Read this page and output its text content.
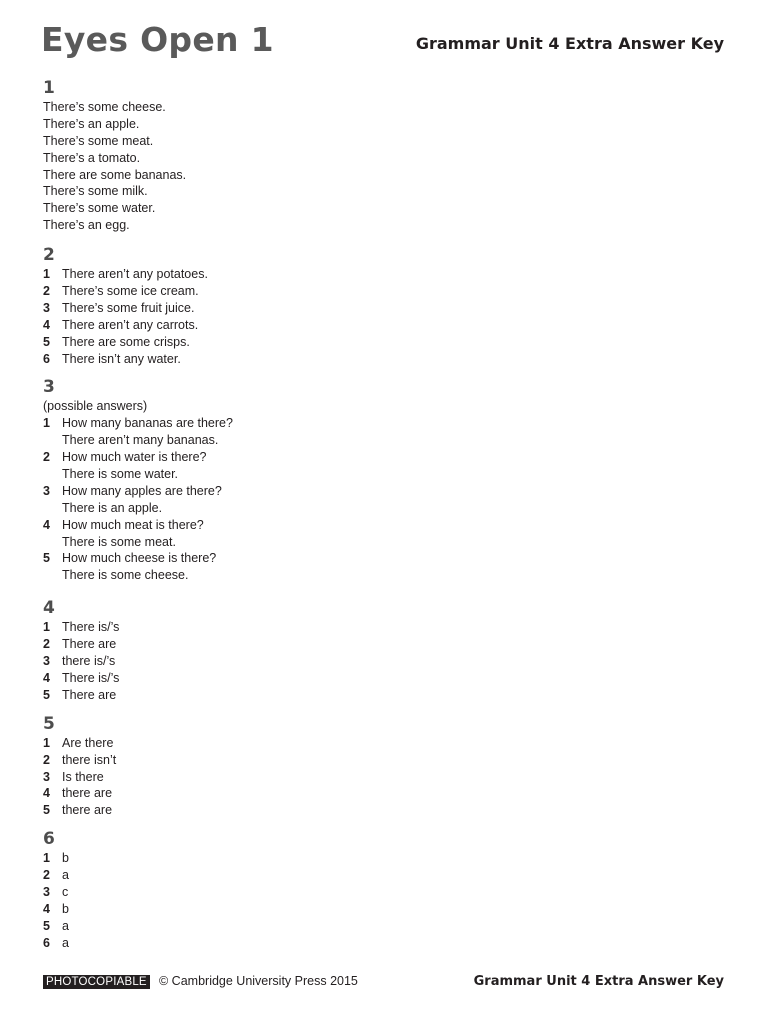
Eyes Open 1	Grammar Unit 4 Extra Answer Key
1
There’s some cheese.
There’s an apple.
There’s some meat.
There’s a tomato.
There are some bananas.
There’s some milk.
There’s some water.
There’s an egg.
2
1 There aren’t any potatoes.
2 There’s some ice cream.
3 There’s some fruit juice.
4 There aren’t any carrots.
5 There are some crisps.
6 There isn’t any water.
3
(possible answers)
1 How many bananas are there?
There aren’t many bananas.
2 How much water is there?
There is some water.
3 How many apples are there?
There is an apple.
4 How much meat is there?
There is some meat.
5 How much cheese is there?
There is some cheese.
4
1 There is/’s
2 There are
3 there is/’s
4 There is/’s
5 There are
5
1 Are there
2 there isn’t
3 Is there
4 there are
5 there are
6
1 b
2 a
3 c
4 b
5 a
6 a
PHOTOCOPIABLE © Cambridge University Press 2015	Grammar Unit 4 Extra Answer Key
